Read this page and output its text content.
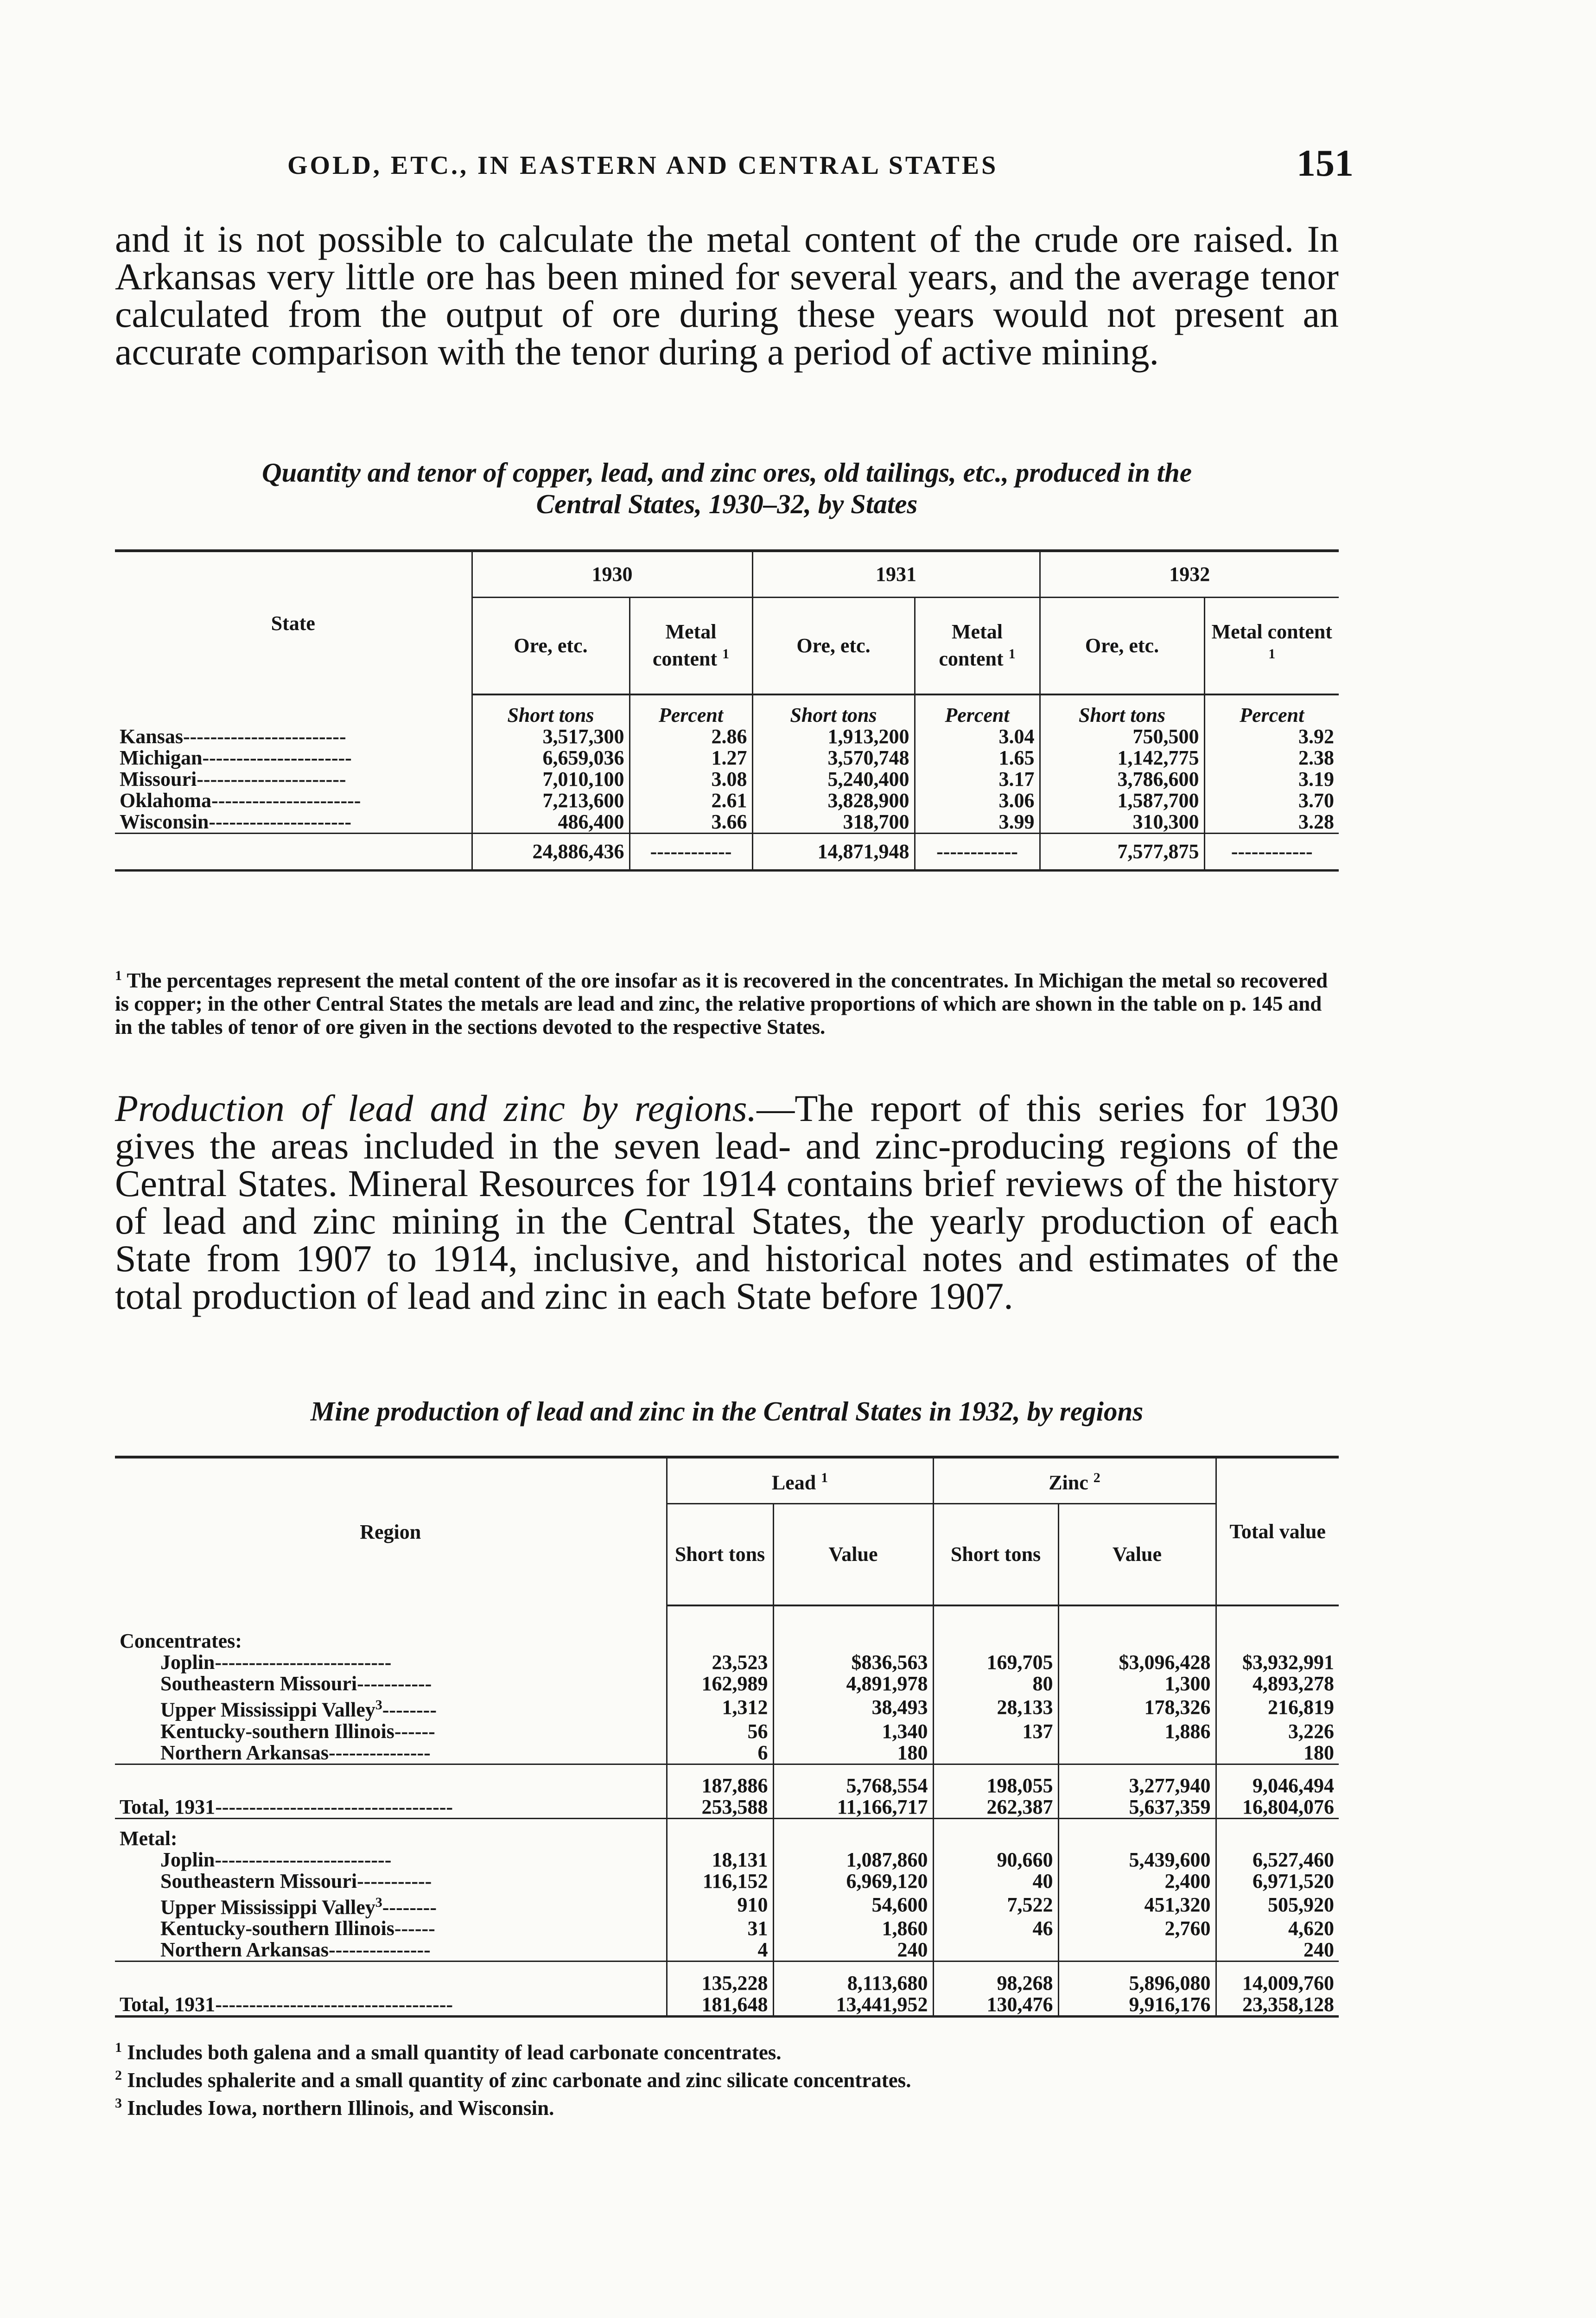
GOLD, ETC., IN EASTERN AND CENTRAL STATES	151

and it is not possible to calculate the metal content of the crude ore raised. In Arkansas very little ore has been mined for several years, and the average tenor calculated from the output of ore during these years would not present an accurate comparison with the tenor during a period of active mining.

Quantity and tenor of copper, lead, and zinc ores, old tailings, etc., produced in the
Central States, 1930–32, by States
State	1930		1931		1932	
	Ore, etc.	Metal content $^1$	Ore, etc.	Metal content $^1$	Ore, etc.	Metal content $^1$
	Short tons	Percent	Short tons	Percent	Short tons	Percent
Kansas------------------------	3,517,300	2.86	1,913,200	3.04	750,500	3.92
Michigan----------------------	6,659,036	1.27	3,570,748	1.65	1,142,775	2.38
Missouri----------------------	7,010,100	3.08	5,240,400	3.17	3,786,600	3.19
Oklahoma----------------------	7,213,600	2.61	3,828,900	3.06	1,587,700	3.70
Wisconsin---------------------	486,400	3.66	318,700	3.99	310,300	3.28
	24,886,436	------------	14,871,948	------------	7,577,875	------------

$^1$ The percentages represent the metal content of the ore insofar as it is recovered in the concentrates. In Michigan the metal so recovered is copper; in the other Central States the metals are lead and zinc, the relative proportions of which are shown in the table on p. 145 and in the tables of tenor of ore given in the sections devoted to the respective States.

Production of lead and zinc by regions.—The report of this series for 1930 gives the areas included in the seven lead- and zinc-producing regions of the Central States. Mineral Resources for 1914 contains brief reviews of the history of lead and zinc mining in the Central States, the yearly production of each State from 1907 to 1914, inclusive, and historical notes and estimates of the total production of lead and zinc in each State before 1907.

Mine production of lead and zinc in the Central States in 1932, by regions
Region	Lead $^1$		Zinc $^2$		Total value
	Short tons	Value	Short tons	Value	
Concentrates:					
Joplin--------------------------	23,523	$836,563	169,705	$3,096,428	$3,932,991
Southeastern Missouri-----------	162,989	4,891,978	80	1,300	4,893,278
Upper Mississippi Valley$^3$--------	1,312	38,493	28,133	178,326	216,819
Kentucky-southern Illinois------	56	1,340	137	1,886	3,226
Northern Arkansas---------------	6	180			180
	187,886	5,768,554	198,055	3,277,940	9,046,494
Total, 1931-----------------------------------	253,588	11,166,717	262,387	5,637,359	16,804,076

Metal:					
Joplin--------------------------	18,131	1,087,860	90,660	5,439,600	6,527,460
Southeastern Missouri-----------	116,152	6,969,120	40	2,400	6,971,520
Upper Mississippi Valley$^3$--------	910	54,600	7,522	451,320	505,920
Kentucky-southern Illinois------	31	1,860	46	2,760	4,620
Northern Arkansas---------------	4	240			240
	135,228	8,113,680	98,268	5,896,080	14,009,760
Total, 1931-----------------------------------	181,648	13,441,952	130,476	9,916,176	23,358,128

$^1$ Includes both galena and a small quantity of lead carbonate concentrates.

$^2$ Includes sphalerite and a small quantity of zinc carbonate and zinc silicate concentrates.

$^3$ Includes Iowa, northern Illinois, and Wisconsin.
